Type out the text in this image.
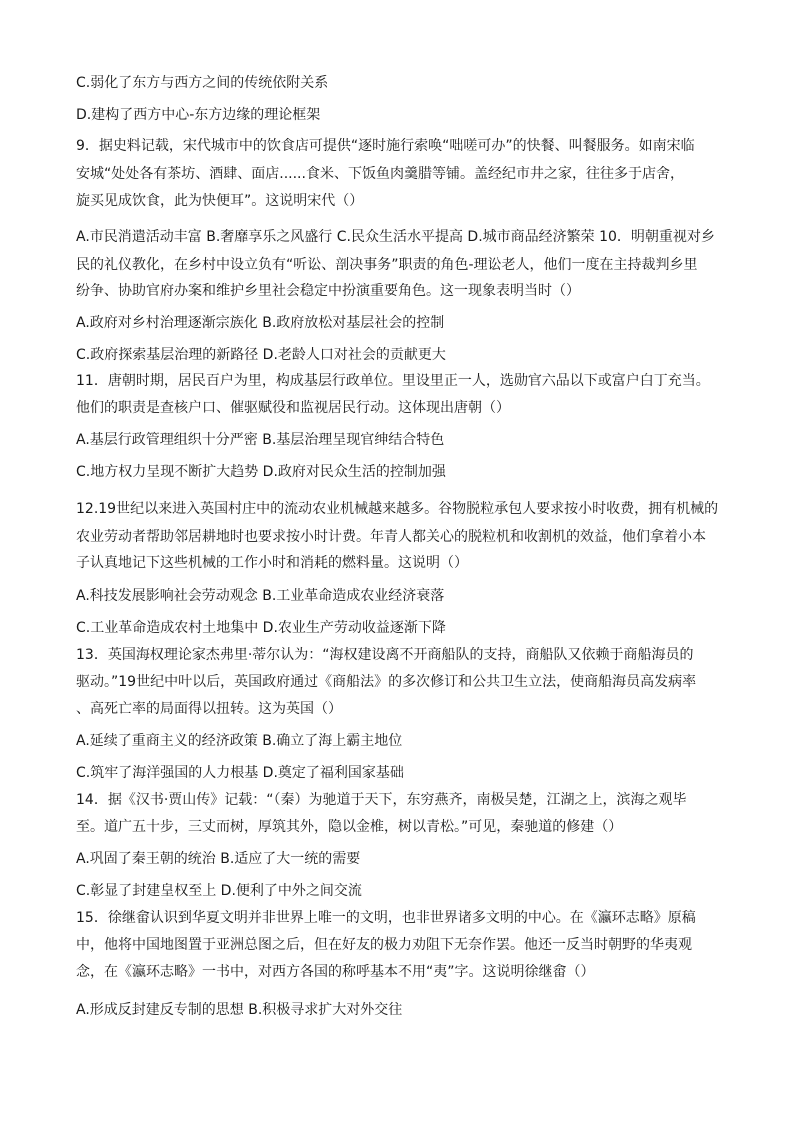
C.弱化了东方与西方之间的传统依附关系
D.建构了西方中心-东方边缘的理论框架
9．据史料记载，宋代城市中的饮食店可提供“逐时施行索唤“咄嗟可办”的快餐、叫餐服务。如南宋临
安城“处处各有茶坊、酒肆、面店......食米、下饭鱼肉羹腊等铺。盖经纪市井之家，往往多于店舍，
旋买见成饮食，此为快便耳”。这说明宋代（）
A.市民消遣活动丰富 B.奢靡享乐之风盛行 C.民众生活水平提高 D.城市商品经济繁荣 10．明朝重视对乡
民的礼仪教化，在乡村中设立负有“听讼、剖决事务”职责的角色-理讼老人，他们一度在主持裁判乡里
纷争、协助官府办案和维护乡里社会稳定中扮演重要角色。这一现象表明当时（）
A.政府对乡村治理逐渐宗族化 B.政府放松对基层社会的控制
C.政府探索基层治理的新路径 D.老龄人口对社会的贡献更大
11．唐朝时期，居民百户为里，构成基层行政单位。里设里正一人，选勋官六品以下或富户白丁充当。
他们的职责是查核户口、催驱赋役和监视居民行动。这体现出唐朝（）
A.基层行政管理组织十分严密 B.基层治理呈现官绅结合特色
C.地方权力呈现不断扩大趋势 D.政府对民众生活的控制加强
12.19世纪以来进入英国村庄中的流动农业机械越来越多。谷物脱粒承包人要求按小时收费，拥有机械的
农业劳动者帮助邻居耕地时也要求按小时计费。年青人都关心的脱粒机和收割机的效益，他们拿着小本
子认真地记下这些机械的工作小时和消耗的燃料量。这说明（）
A.科技发展影响社会劳动观念 B.工业革命造成农业经济衰落
C.工业革命造成农村土地集中 D.农业生产劳动收益逐渐下降
13．英国海权理论家杰弗里·蒂尔认为：“海权建设离不开商船队的支持，商船队又依赖于商船海员的
驱动。”19世纪中叶以后，英国政府通过《商船法》的多次修订和公共卫生立法，使商船海员高发病率
、高死亡率的局面得以扭转。这为英国（）
A.延续了重商主义的经济政策 B.确立了海上霸主地位
C.筑牢了海洋强国的人力根基 D.奠定了福利国家基础
14．据《汉书·贾山传》记载：“（秦）为驰道于天下，东穷燕齐，南极吴楚，江湖之上，滨海之观毕
至。道广五十步，三丈而树，厚筑其外，隐以金椎，树以青松。”可见，秦驰道的修建（）
A.巩固了秦王朝的统治 B.适应了大一统的需要
C.彰显了封建皇权至上 D.便利了中外之间交流
15．徐继畲认识到华夏文明并非世界上唯一的文明，也非世界诸多文明的中心。在《瀛环志略》原稿
中，他将中国地图置于亚洲总图之后，但在好友的极力劝阻下无奈作罢。他还一反当时朝野的华夷观
念，在《瀛环志略》一书中，对西方各国的称呼基本不用“夷”字。这说明徐继畲（）
A.形成反封建反专制的思想 B.积极寻求扩大对外交往
